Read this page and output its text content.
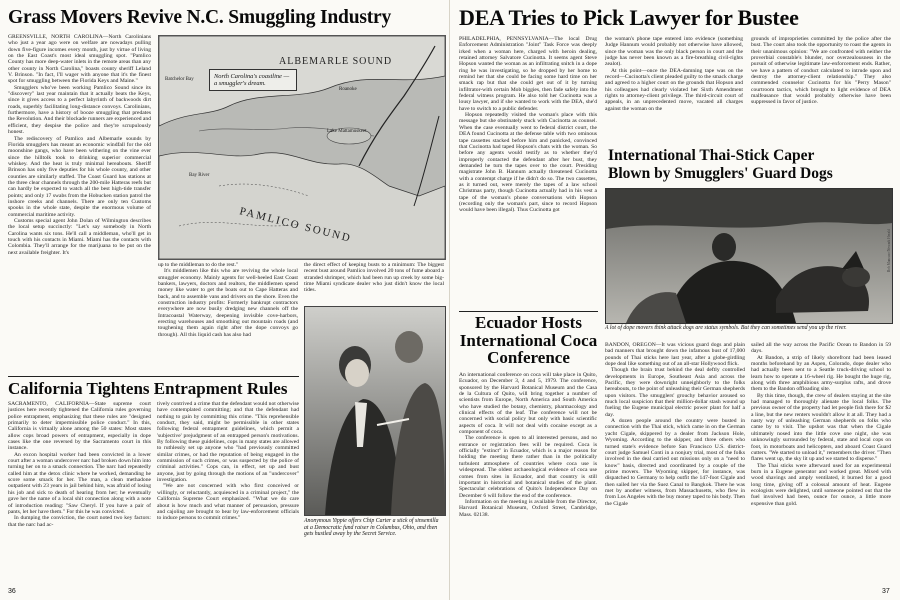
Grass Movers Revive N.C. Smuggling Industry

GREENSVILLE, NORTH CAROLINA—North Carolinians who just a year ago were on welfare are nowadays pulling down five-figure incomes every month, just by virtue of living on the East Coast's most ideal smuggling spot. "Pamlico County has more deep-water inlets in the remote areas than any other county in North Carolina," boasts county sheriff Leland V. Brinson. "In fact, I'll wager with anyone that it's the finest spot for smuggling between the Florida Keys and Maine."

Smugglers who've been working Pamlico Sound since its "discovery" last year maintain that it actually beats the Keys, since it gives access to a perfect labyrinth of backwoods dirt roads, superbly facilitating long-distance convoys. Carolinians, furthermore, have a history of booze smuggling that predates the Revolution. And their blockade runners are experienced and efficient, they despise the police and they're scrupulously honest.

The rediscovery of Pamlico and Albemarle sounds by Florida smugglers has meant an economic windfall for the old moonshine gangs, who have been withering on the vine ever since the hilltolk took to drinking superior commercial whiskey. And the heat is truly minimal hereabouts. Sheriff Brinson has only five deputies for his whole county, and other counties are similarly staffed. The Coast Guard has stations at the three clear channels through the 200-mile Hatteras reefs but can hardly be expected to watch all the best high-tide transfer points; and only 17 swabs from the Hobucken station patrol the inshore creeks and channels. There are only ten Customs spooks in the whole state, despite the enormous volume of commercial maritime activity.

Customs special agent John Dolan of Wilmington describes the local setup succinctly: "Let's say somebody in North Carolina wants six tons. He'll call a middleman, who'll get in touch with his contacts in Miami. Miami has the contacts with Colombia. They'll arrange for the marijuana to be put on the next available freighter. It's

ALBEMARLE SOUND
PAMLICO SOUND
Batchelor Bay
Lake Mattamuskeet
Bay River
Roanoke
North Carolina's coastline —a smuggler's dream.

up to the middleman to do the rest."

It's middlemen like this who are reviving the whole local smuggler economy. Mainly agents for well-heeled East Coast bankers, lawyers, doctors and realtors, the middlemen spend money like water to get the boats out to Cape Hatteras and back, and to assemble vans and drivers on the shore. Even the construction industry profits: Formerly bankrupt contractors everywhere are now busily dredging new channels off the Intracoastal Waterway, deepening invisible cove-harbors, erecting warehouses and smoothing out mountain roads (and toughening them again right after the dope convoys go through). All this liquid cash has also had

the direct effect of keeping busts to a minimum: The biggest recent bust around Pamlico involved 20 tons of fume aboard a stranded shrimper, which had been run up creek by some big-time Miami syndicate dealer who just didn't know the local tides.

Anonymous Yippie offers Chip Carter a stick of sinsemilla at a Democratic fund raiser in Columbus, Ohio, and then gets hustled away by the Secret Service.
California Tightens Entrapment Rules

SACRAMENTO, CALIFORNIA—State supreme court justices here recently tightened the California rules governing police entrapment, emphasizing that these rules are "designed primarily to deter impermissible police conduct." In this, California is virtually alone among the 50 states: Most states allow cops broad powers of entrapment, especially in dope cases like the one reversed by the Sacramento court in this instance.

An excon hospital worker had been convicted in a lower court after a woman undercover narc had broken down him into turning her on to a smack connection. The narc had repeatedly called him at the detox clinic where he worked, demanding he score some smack for her. The man, a clean methadone outpatient with 23 years in jail behind him, was afraid of losing his job and sick to death of hearing from her; he eventually gave her the name of a local shit connection along with a note of introduction reading: "Saw Cheryl. If you have a pair of pants, let her have them." For this he was convicted.

In dumping the conviction, the court noted two key factors: that the narc had ac-

tively contrived a crime that the defendant would not otherwise have contemplated committing; and that the defendant had nothing to gain by committing this crime. "This reprehensible conduct, they said, might be permissible in other states following federal entrapment guidelines, which permit a 'subjective' prejudgment of an entrapped person's motivations. By following these guidelines, cops in many states are allowed to ruthlessly set up anyone who "had previously committed similar crimes, or had the reputation of being engaged in the commission of such crimes, or was suspected by the police of criminal activities." Cops can, in effect, set up and bust anyone, just by going through the motions of an "undercover" investigation.

"We are not concerned with who first conceived or willingly, or reluctantly, acquiesced in a criminal project," the California Supreme Court emphasized. "What we do care about is how much and what manner of persuasion, pressure and cajoling are brought to bear by law-enforcement officials to induce persons to commit crimes."

36
DEA Tries to Pick Lawyer for Bustee

PHILADELPHIA, PENNSYLVANIA—The local Drug Enforcement Administration "Joint" Task Force was deeply irked when a woman here, charged with heroin dealing, retained attorney Salvatore Cucinotta. It seems agent Steve Hopson wanted the woman as an infiltrating snitch in a dope ring he was investigating, so he dropped by her home to remind her that she could be facing some hard time on her smack rap but that she could get out of it by turning infiltrator-with certain Mob biggies, then fade safely into the federal witness program. He also told her Cucinotta was a lousy lawyer, and if she wanted to work with the DEA, she'd have to switch to a public defender.

Hopson repeatedly visited the woman's place with this message but she obstinately stuck with Cucinotta as counsel. When the case eventually went to federal district court, the DEA found Cucinotta at the defense table with two ominous tape cassettes stacked before him and panicked, convinced that Cucinotta had taped Hopson's chats with the woman. So before any agents would testify as to whether they'd improperly contacted the defendant after her bust, they demanded he turn the tapes over to the court. Presiding magistrate John B. Hannum actually threatened Cucinotta with a contempt charge if he didn't do so. The two cassettes, as it turned out, were merely the tapes of a law school Christmas party, though Cucinotta actually had in his vest a tape of the woman's phone conversations with Hopson (recording only the woman's part, since to record Hopson would have been illegal). Thus Cucinotta got

the woman's phone tape entered into evidence (something Judge Hannum would probably not otherwise have allowed, since the woman was the only black person in court and the judge has never been known as a fire-breathing civil-rights zealot).

At this point—once the DEA-damning tape was on the record—Cucinotta's client pleaded guilty to the smack charge and agreed to a higher court on the grounds that Hopson and his colleagues had clearly violated her Sixth Amendment rights to attorney-client privilege. The third-circuit court of appeals, in an unprecedented move, vacated all charges against the woman on the

grounds of improprieties committed by the police after the bust. The court also took the opportunity to roast the agents in their unanimous opinion: "We are confronted with neither the proverbial constable's blunder, nor overzealousness in the pursuit of otherwise legitimate law-enforcement ends. Rather, we have a pattern of conduct calculated to intrude upon and destroy the attorney-client relationship." They also commended counselor Cucinotta for his "Perry Mason" courtroom tactics, which brought to light evidence of DEA malfeasance that would probably otherwise have been suppressed in favor of justice.

International Thai-Stick Caper
Blown by Smugglers' Guard Dogs
Bob Mancuso/Newark Herald
A lot of dope movers think attack dogs are status symbols. But they can sometimes send you up the river.
Ecuador Hosts International Coca Conference

An international conference on coca will take place in Quito, Ecuador, on December 3, 4 and 5, 1979. The conference, sponsored by the Harvard Botanical Museum and the Casa de la Cultura of Quito, will bring together a number of scientists from Europe, North America and South America who have studied the botany, chemistry, pharmacology and clinical effects of the leaf. The conference will not be concerned with social policy but only with basic scientific aspects of coca. It will not deal with cocaine except as a component of coca.

The conference is open to all interested persons, and no entrance or registration fees will be required. Coca is officially "extinct" in Ecuador, which is a major reason for holding the meeting there rather than in the politically turbulent atmosphere of countries where coca use is widespread. The oldest archaeological evidence of coca use comes from sites in Ecuador, and that country is still important in historical and botanical studies of the plant. Spectacular celebrations of Quito's Independence Day on December 6 will follow the end of the conference.

Information on the meeting is available from the Director, Harvard Botanical Museum, Oxford Street, Cambridge, Mass. 02138.

BANDON, OREGON—It was vicious guard dogs and plain bad manners that brought down the infamous bust of 17,000 pounds of Thai sticks here last year, after a globe-girdling dope deal like something out of an all-star Hollywood flick.

Though the brain trust behind the deal deftly controlled developments in Europe, Southeast Asia and across the Pacific, they were downright unneighborly to the folks hereabouts, to the point of unleashing their German shepherds upon visitors. The smugglers' grouchy behavior aroused so much local suspicion that their million-dollar stash wound up fueling the Eugene municipal electric power plant for half a day.

A dozen people around the country were busted in connection with the Thai stick, which came in on the German yacht Cigale, skippered by a dealer from Jackson Hole, Wyoming. According to the skipper, and three others who turned state's evidence before San Francisco U.S. district-court judge Samuel Conti in a nonjury trial, most of the folks involved in the deal carried out missions only on a "need to know" basis, directed and coordinated by a couple of the prime movers. The Wyoming skipper, for instance, was dispatched to Germany to help outfit the 147-foot Cigale and then sailed her via the Suez Canal to Bangkok. There he was met by another witness, from Massachusetts, who flew in from Los Angeles with the buy money taped to his body. Then the Cigale

sailed all the way across the Pacific Ocean to Bandon in 59 days.

At Bandon, a strip of likely shorefront had been leased months beforehand by an Aspen, Colorado, dope dealer who had actually been sent to a Seattle truck-driving school to learn how to operate a 16-wheel rig. He bought the huge rig, along with three amphibious army-surplus rafts, and drove them to the Bandon offloading site.

By this time, though, the crew of dealers staying at the site had managed to thoroughly alienate the local folks. The previous owner of the property had let people fish there for $2 a line, but the new renters wouldn't allow it at all. They had a nasty way of unleashing German shepherds on folks who came by to visit. The upshot was that when the Cigale ultimately nosed into the little cove one night, she was unknowingly surrounded by federal, state and local cops on foot, in motorboats and helicopters, and aboard Coast Guard cutters. "We started to unload it," remembers the driver. "Then flares went up, the sky lit up and we started to disperse."

The Thai sticks were afterward used for an experimental burn in a Eugene generator and worked great. Mixed with wood shavings and amply ventilated, it burned for a good long time, giving off a colossal amount of heat. Eugene ecologists were delighted, until someone pointed out that the fuel involved had been, ounce for ounce, a little more expensive than gold.

37
